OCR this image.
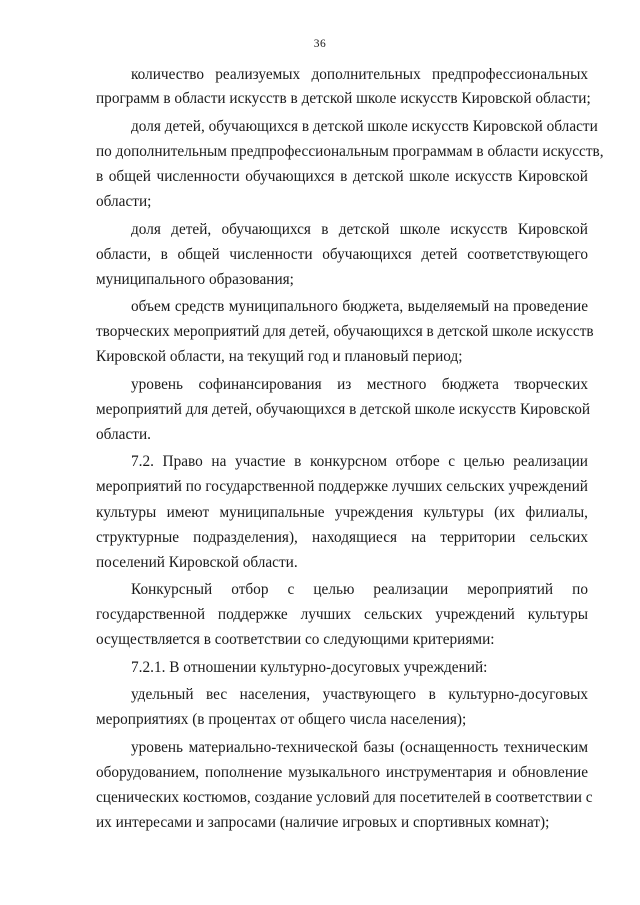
36
количество реализуемых дополнительных предпрофессиональных
программ в области искусств в детской школе искусств Кировской области;
доля детей, обучающихся в детской школе искусств Кировской области
по дополнительным предпрофессиональным программам в области искусств,
в общей численности обучающихся в детской школе искусств Кировской
области;
доля детей, обучающихся в детской школе искусств Кировской
области, в общей численности обучающихся детей соответствующего
муниципального образования;
объем средств муниципального бюджета, выделяемый на проведение
творческих мероприятий для детей, обучающихся в детской школе искусств
Кировской области, на текущий год и плановый период;
уровень софинансирования из местного бюджета творческих
мероприятий для детей, обучающихся в детской школе искусств Кировской
области.
7.2. Право на участие в конкурсном отборе с целью реализации
мероприятий по государственной поддержке лучших сельских учреждений
культуры имеют муниципальные учреждения культуры (их филиалы,
структурные подразделения), находящиеся на территории сельских
поселений Кировской области.
Конкурсный отбор с целью реализации мероприятий по
государственной поддержке лучших сельских учреждений культуры
осуществляется в соответствии со следующими критериями:
7.2.1. В отношении культурно-досуговых учреждений:
удельный вес населения, участвующего в культурно-досуговых
мероприятиях (в процентах от общего числа населения);
уровень материально-технической базы (оснащенность техническим
оборудованием, пополнение музыкального инструментария и обновление
сценических костюмов, создание условий для посетителей в соответствии с
их интересами и запросами (наличие игровых и спортивных комнат);
